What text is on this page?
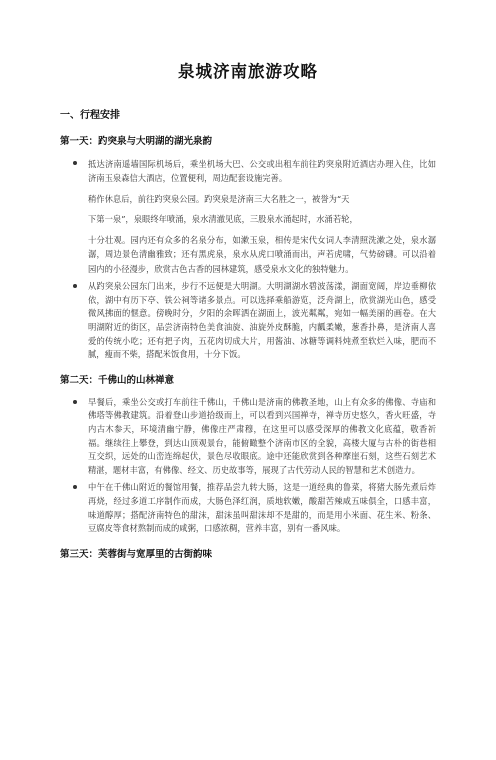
泉城济南旅游攻略
一、行程安排
第一天：趵突泉与大明湖的湖光泉韵

抵达济南遥墙国际机场后，乘坐机场大巴、公交或出租车前往趵突泉附近酒店办理入住，比如济南玉泉森信大酒店，位置便利，周边配套设施完善。

稍作休息后，前往趵突泉公园。趵突泉是济南三大名胜之一，被誉为“天

下第一泉”，泉眼终年喷涌，泉水清澈见底，三股泉水涌起时，水涌若轮，

十分壮观。园内还有众多的名泉分布，如漱玉泉，相传是宋代女词人李清照洗漱之处，泉水潺潺，周边景色清幽雅致；还有黑虎泉，泉水从虎口喷涌而出，声若虎啸，气势磅礴。可以沿着园内的小径漫步，欣赏古色古香的园林建筑，感受泉水文化的独特魅力。

从趵突泉公园东门出来，步行不远便是大明湖。大明湖湖水碧波荡漾，湖面宽阔，岸边垂柳依依，湖中有历下亭、铁公祠等诸多景点。可以选择乘船游览，泛舟湖上，欣赏湖光山色，感受微风拂面的惬意。傍晚时分，夕阳的余晖洒在湖面上，波光粼粼，宛如一幅美丽的画卷。在大明湖附近的街区，品尝济南特色美食油旋、油旋外皮酥脆，内瓤柔嫩，葱香扑鼻，是济南人喜爱的传统小吃；还有把子肉，五花肉切成大片，用酱油、冰糖等调料炖煮至软烂入味，肥而不腻，瘦而不柴，搭配米饭食用，十分下饭。

第二天：千佛山的山林禅意

早餐后，乘坐公交或打车前往千佛山，千佛山是济南的佛教圣地，山上有众多的佛像、寺庙和佛塔等佛教建筑。沿着登山步道拾级而上，可以看到兴国禅寺，禅寺历史悠久，香火旺盛，寺内古木参天，环境清幽宁静，佛像庄严肃穆，在这里可以感受深厚的佛教文化底蕴，敬香祈福。继续往上攀登，到达山顶观景台，能俯瞰整个济南市区的全貌，高楼大厦与古朴的街巷相互交织，远处的山峦连绵起伏，景色尽收眼底。途中还能欣赏到各种摩崖石刻，这些石刻艺术精湛，题材丰富，有佛像、经文、历史故事等，展现了古代劳动人民的智慧和艺术创造力。

中午在千佛山附近的餐馆用餐，推荐品尝九转大肠，这是一道经典的鲁菜，将猪大肠先煮后炸再烧，经过多道工序制作而成，大肠色泽红润，质地软嫩，酸甜苦辣咸五味俱全，口感丰富，味道醇厚；搭配济南特色的甜沫，甜沫虽叫甜沫却不是甜的，而是用小米面、花生米、粉条、豆腐皮等食材熬制而成的咸粥，口感浓稠，营养丰富，别有一番风味。

第三天：芙蓉街与宽厚里的古街韵味
